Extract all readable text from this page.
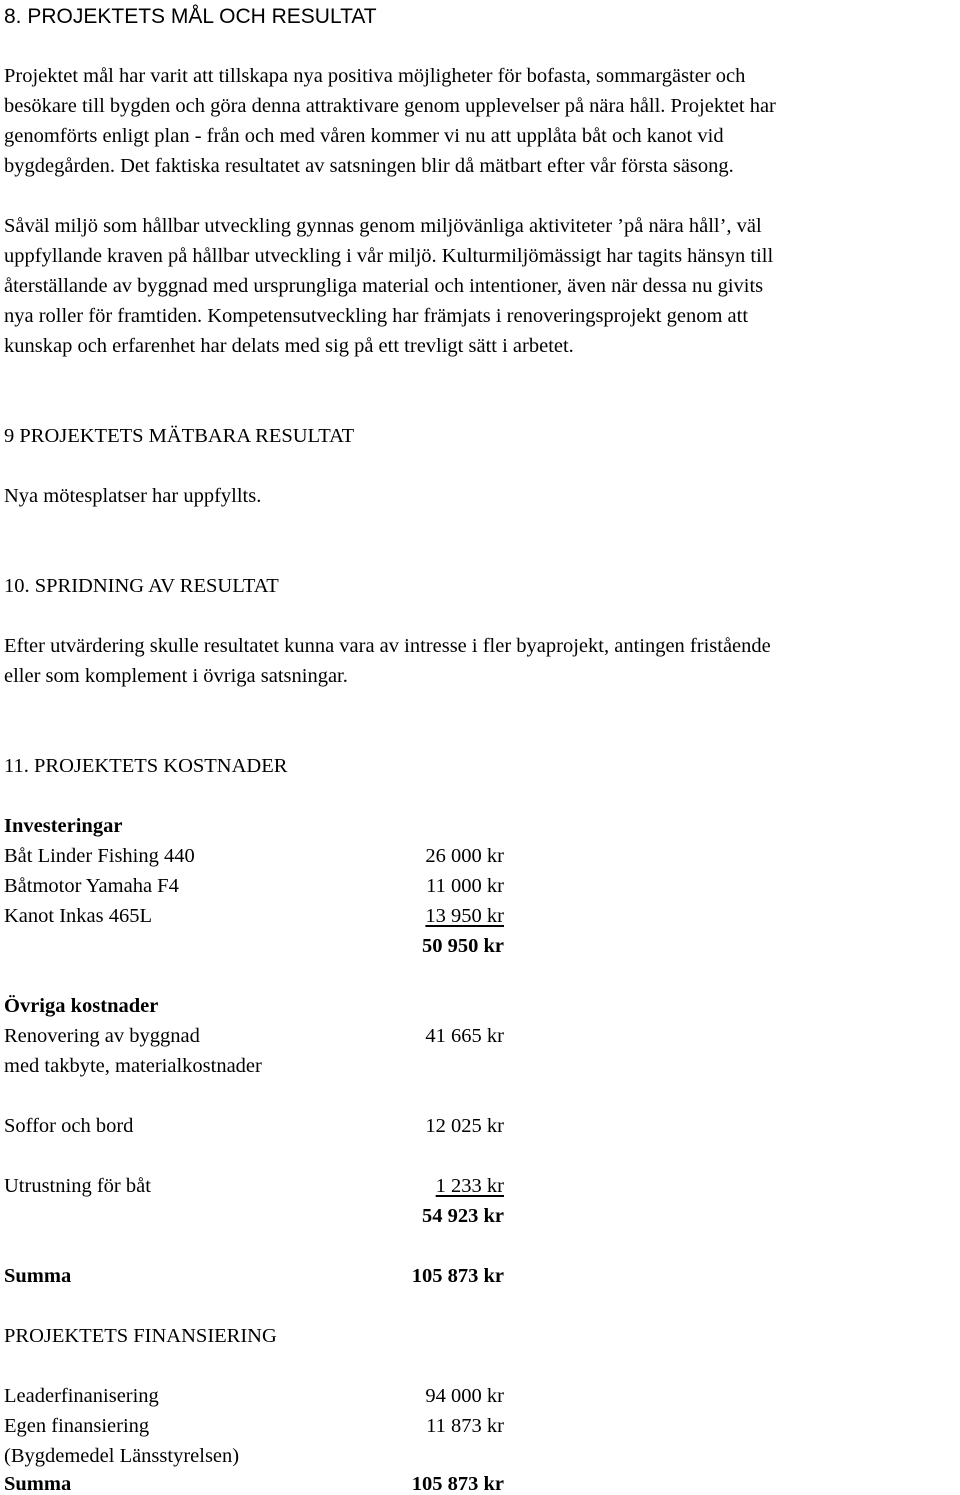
8. PROJEKTETS MÅL OCH RESULTAT
Projektet mål har varit att tillskapa nya positiva möjligheter för bofasta, sommargäster och
besökare till bygden och göra denna attraktivare genom upplevelser på nära håll. Projektet har
genomförts enligt plan - från och med våren kommer vi nu att upplåta båt och kanot vid
bygdegården. Det faktiska resultatet av satsningen blir då mätbart efter vår första säsong.
Såväl miljö som hållbar utveckling gynnas genom miljövänliga aktiviteter ’på nära håll’, väl
uppfyllande kraven på hållbar utveckling i vår miljö. Kulturmiljömässigt har tagits hänsyn till
återställande av byggnad med ursprungliga material och intentioner, även när dessa nu givits
nya roller för framtiden. Kompetensutveckling har främjats i renoveringsprojekt genom att
kunskap och erfarenhet har delats med sig på ett trevligt sätt i arbetet.
9 PROJEKTETS MÄTBARA RESULTAT
Nya mötesplatser har uppfyllts.
10. SPRIDNING AV RESULTAT
Efter utvärdering skulle resultatet kunna vara av intresse i fler byaprojekt, antingen fristående
eller som komplement i övriga satsningar.
11. PROJEKTETS KOSTNADER
Investeringar
Båt Linder Fishing 440	26 000 kr
Båtmotor Yamaha F4	11 000 kr
Kanot Inkas 465L	13 950 kr
50 950 kr
Övriga kostnader
Renovering av byggnad	41 665 kr
med takbyte, materialkostnader
Soffor och bord	12 025 kr
Utrustning för båt	1 233 kr
54 923 kr
Summa	105 873 kr
PROJEKTETS FINANSIERING
Leaderfinanisering	94 000 kr
Egen finansiering	11 873 kr
(Bygdemedel Länsstyrelsen)
Summa	105 873 kr
